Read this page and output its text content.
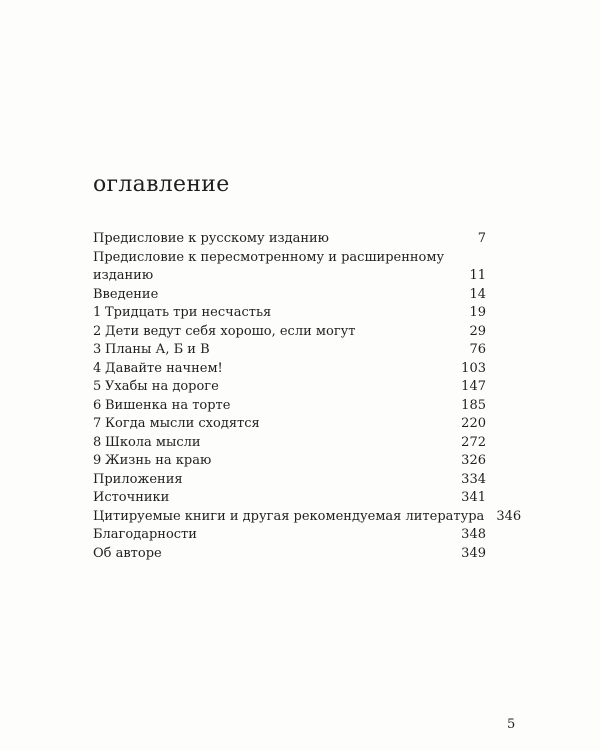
оглавление
Предисловие к русскому изданию	7
Предисловие к пересмотренному и расширенному изданию	11
Введение	14
1 Тридцать три несчастья	19
2 Дети ведут себя хорошо, если могут	29
3 Планы А, Б и В	76
4 Давайте начнем!	103
5 Ухабы на дороге	147
6 Вишенка на торте	185
7 Когда мысли сходятся	220
8 Школа мысли	272
9 Жизнь на краю	326
Приложения	334
Источники	341
Цитируемые книги и другая рекомендуемая литература 346
Благодарности	348
Об авторе	349
5
